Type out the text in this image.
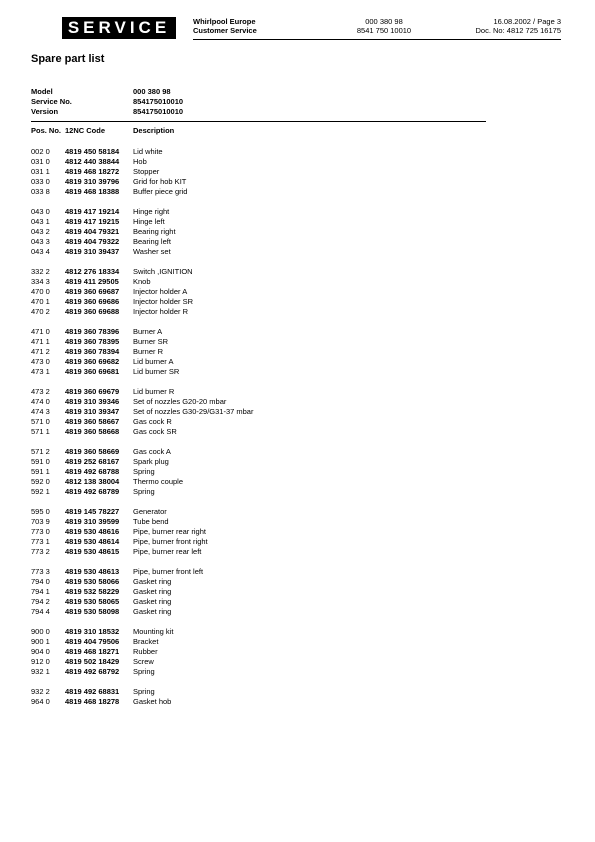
SERVICE	Whirlpool Europe
Customer Service
000 380 98
8541 750 10010
16.08.2002 / Page 3
Doc. No: 4812 725 16175
Spare part list
Model	000 380 98
Service No.	854175010010
Version	854175010010
Pos. No. 12NC Code	Description
002 0	4819 450 58184	Lid white
031 0	4812 440 38844	Hob
031 1	4819 468 18272	Stopper
033 0	4819 310 39796	Grid for hob KIT
033 8	4819 468 18388	Buffer piece grid
043 0	4819 417 19214	Hinge right
043 1	4819 417 19215	Hinge left
043 2	4819 404 79321	Bearing right
043 3	4819 404 79322	Bearing left
043 4	4819 310 39437	Washer set
332 2	4812 276 18334	Switch ,IGNITION
334 3	4819 411 29505	Knob
470 0	4819 360 69687	Injector holder A
470 1	4819 360 69686	Injector holder SR
470 2	4819 360 69688	Injector holder R
471 0	4819 360 78396	Burner A
471 1	4819 360 78395	Burner SR
471 2	4819 360 78394	Burner R
473 0	4819 360 69682	Lid burner A
473 1	4819 360 69681	Lid burner SR
473 2	4819 360 69679	Lid burner R
474 0	4819 310 39346	Set of nozzles G20-20 mbar
474 3	4819 310 39347	Set of nozzles G30-29/G31-37 mbar
571 0	4819 360 58667	Gas cock R
571 1	4819 360 58668	Gas cock SR
571 2	4819 360 58669	Gas cock A
591 0	4819 252 68167	Spark plug
591 1	4819 492 68788	Spring
592 0	4812 138 38004	Thermo couple
592 1	4819 492 68789	Spring
595 0	4819 145 78227	Generator
703 9	4819 310 39599	Tube bend
773 0	4819 530 48616	Pipe, burner rear right
773 1	4819 530 48614	Pipe, burner front right
773 2	4819 530 48615	Pipe, burner rear left
773 3	4819 530 48613	Pipe, burner front left
794 0	4819 530 58066	Gasket ring
794 1	4819 532 58229	Gasket ring
794 2	4819 530 58065	Gasket ring
794 4	4819 530 58098	Gasket ring
900 0	4819 310 18532	Mounting kit
900 1	4819 404 79506	Bracket
904 0	4819 468 18271	Rubber
912 0	4819 502 18429	Screw
932 1	4819 492 68792	Spring
932 2	4819 492 68831	Spring
964 0	4819 468 18278	Gasket hob
